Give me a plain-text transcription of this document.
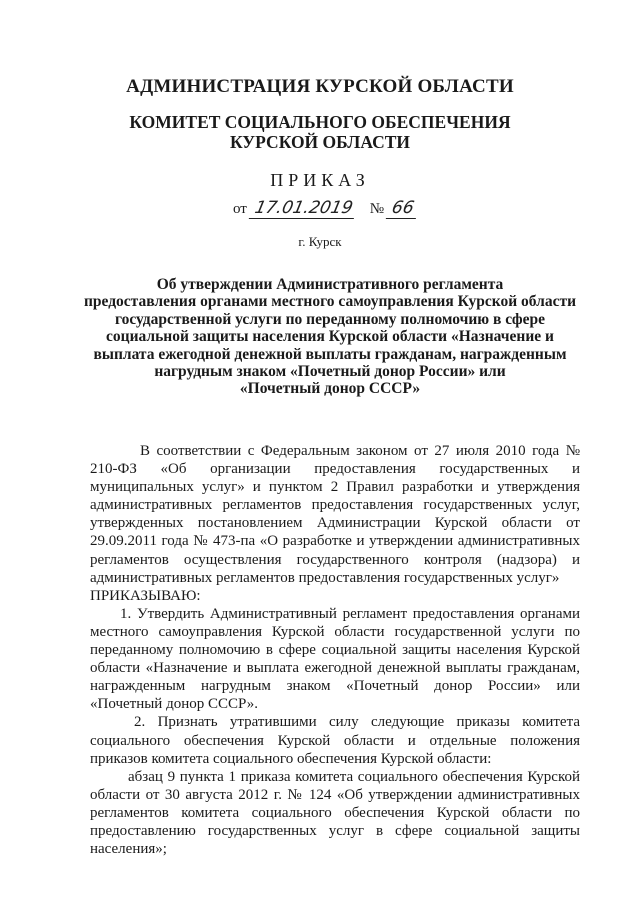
АДМИНИСТРАЦИЯ КУРСКОЙ ОБЛАСТИ
КОМИТЕТ СОЦИАЛЬНОГО ОБЕСПЕЧЕНИЯ
КУРСКОЙ ОБЛАСТИ
ПРИКАЗ
от 17.01.2019 № 66
г. Курск
Об утверждении Административного регламента
предоставления органами местного самоуправления Курской области
государственной услуги по переданному полномочию в сфере
социальной защиты населения Курской области «Назначение и
выплата ежегодной денежной выплаты гражданам, награжденным
нагрудным знаком «Почетный донор России» или
«Почетный донор СССР»

В соответствии с Федеральным законом от 27 июля 2010 года № 210-ФЗ «Об организации предоставления государственных и муниципальных услуг» и пунктом 2 Правил разработки и утверждения административных регламентов предоставления государственных услуг, утвержденных постановлением Администрации Курской области от 29.09.2011 года № 473-па «О разработке и утверждении административных регламентов осуществления государственного контроля (надзора) и административных регламентов предоставления государственных услуг»

ПРИКАЗЫВАЮ:

1. Утвердить Административный регламент предоставления органами местного самоуправления Курской области государственной услуги по переданному полномочию в сфере социальной защиты населения Курской области «Назначение и выплата ежегодной денежной выплаты гражданам, награжденным нагрудным знаком «Почетный донор России» или «Почетный донор СССР».

2. Признать утратившими силу следующие приказы комитета социального обеспечения Курской области и отдельные положения приказов комитета социального обеспечения Курской области:

абзац 9 пункта 1 приказа комитета социального обеспечения Курской области от 30 августа 2012 г. № 124 «Об утверждении административных регламентов комитета социального обеспечения Курской области по предоставлению государственных услуг в сфере социальной защиты населения»;
